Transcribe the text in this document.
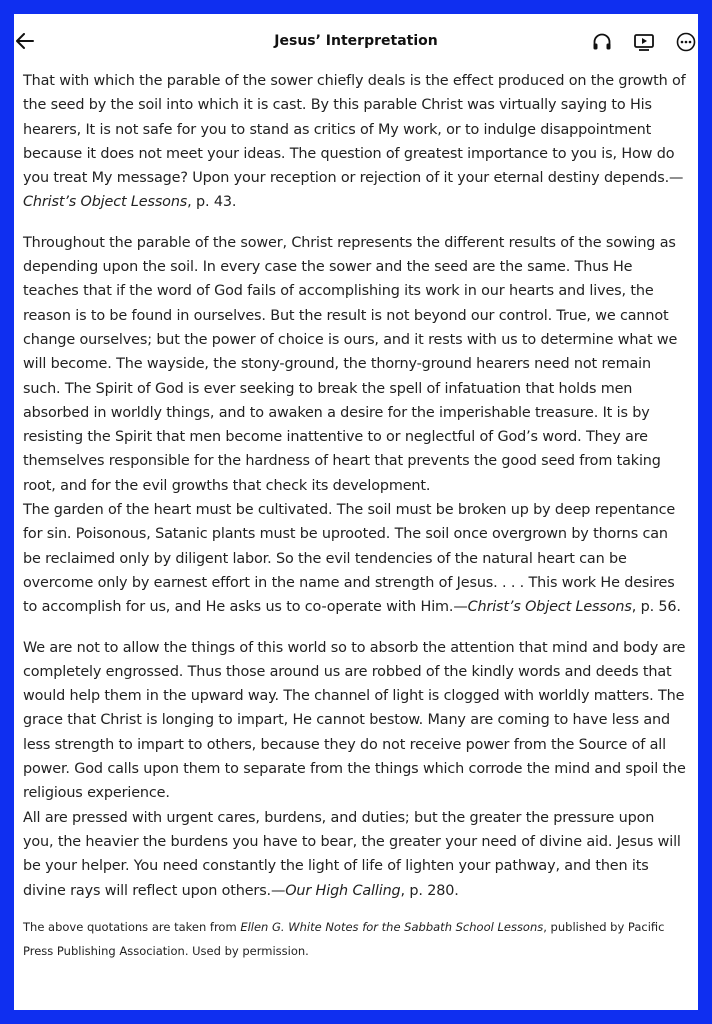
Jesus’ Interpretation

That with which the parable of the sower chiefly deals is the effect produced on the growth of the seed by the soil into which it is cast. By this parable Christ was virtually saying to His hearers, It is not safe for you to stand as critics of My work, or to indulge disappointment because it does not meet your ideas. The question of greatest importance to you is, How do you treat My message? Upon your reception or rejection of it your eternal destiny depends.—Christ’s Object Lessons, p. 43.

Throughout the parable of the sower, Christ represents the different results of the sowing as depending upon the soil. In every case the sower and the seed are the same. Thus He teaches that if the word of God fails of accomplishing its work in our hearts and lives, the reason is to be found in ourselves. But the result is not beyond our control. True, we cannot change ourselves; but the power of choice is ours, and it rests with us to determine what we will become. The wayside, the stony-ground, the thorny-ground hearers need not remain such. The Spirit of God is ever seeking to break the spell of infatuation that holds men absorbed in worldly things, and to awaken a desire for the imperishable treasure. It is by resisting the Spirit that men become inattentive to or neglectful of God’s word. They are themselves responsible for the hardness of heart that prevents the good seed from taking root, and for the evil growths that check its development.

The garden of the heart must be cultivated. The soil must be broken up by deep repentance for sin. Poisonous, Satanic plants must be uprooted. The soil once overgrown by thorns can be reclaimed only by diligent labor. So the evil tendencies of the natural heart can be overcome only by earnest effort in the name and strength of Jesus. . . . This work He desires to accomplish for us, and He asks us to co-operate with Him.—Christ’s Object Lessons, p. 56.

We are not to allow the things of this world so to absorb the attention that mind and body are completely engrossed. Thus those around us are robbed of the kindly words and deeds that would help them in the upward way. The channel of light is clogged with worldly matters. The grace that Christ is longing to impart, He cannot bestow. Many are coming to have less and less strength to impart to others, because they do not receive power from the Source of all power. God calls upon them to separate from the things which corrode the mind and spoil the religious experience.

All are pressed with urgent cares, burdens, and duties; but the greater the pressure upon you, the heavier the burdens you have to bear, the greater your need of divine aid. Jesus will be your helper. You need constantly the light of life of lighten your pathway, and then its divine rays will reflect upon others.—Our High Calling, p. 280.

The above quotations are taken from Ellen G. White Notes for the Sabbath School Lessons, published by Pacific Press Publishing Association. Used by permission.
